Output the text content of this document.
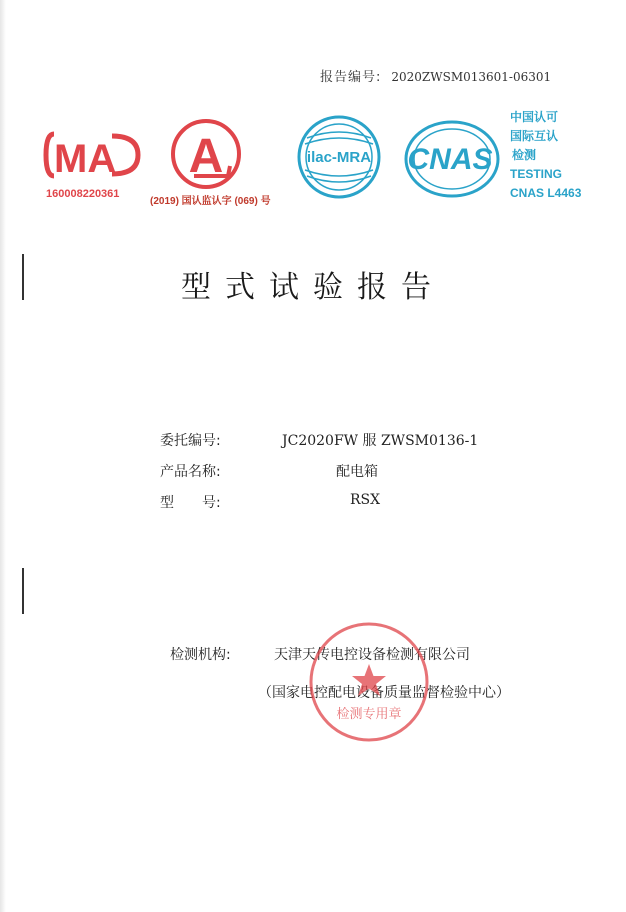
报告编号: 2020ZWSM013601-06301
MA
160008220361
A
(2019) 国认监认字 (069) 号
ilac-MRA CNAS
中国认可
国际互认
检测
TESTING
CNAS L4463
型式试验报告
委托编号:	JC2020FW 服 ZWSM0136-1
产品名称:	配电箱
型　　号:	RSX
检测机构:	天津天传电控设备检测有限公司
（国家电控配电设备质量监督检验中心）
检测专用章
